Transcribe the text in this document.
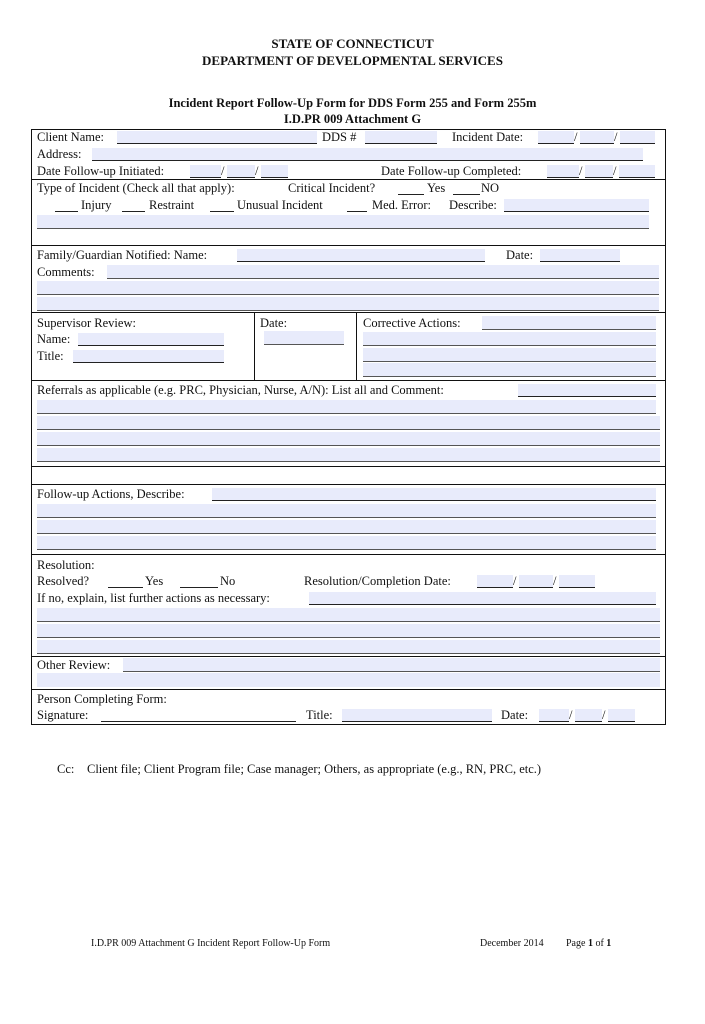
STATE OF CONNECTICUT
DEPARTMENT OF DEVELOPMENTAL SERVICES
Incident Report Follow-Up Form for DDS Form 255 and Form 255m
I.D.PR 009 Attachment G
Client Name:	DDS #	Incident Date:	/	/
Address:
Date Follow-up Initiated:	/ /	Date Follow-up Completed:	/ /
Type of Incident (Check all that apply):	Critical Incident?	Yes	NO
Injury	Restraint	Unusual Incident	Med. Error: Describe:
Family/Guardian Notified: Name:	Date:
Comments:
Supervisor Review:
Name:
Title:
Date:	Corrective Actions:
Referrals as applicable (e.g. PRC, Physician, Nurse, A/N): List all and Comment:
Follow-up Actions, Describe:
Resolution:
Resolved?	Yes	No	Resolution/Completion Date:	/	/
If no, explain, list further actions as necessary:
Other Review:
Person Completing Form:
Signature:	Title:	Date:	/ /
Cc: Client file; Client Program file; Case manager; Others, as appropriate (e.g., RN, PRC, etc.)
I.D.PR 009 Attachment G Incident Report Follow-Up Form	December 2014 Page 1 of 1
